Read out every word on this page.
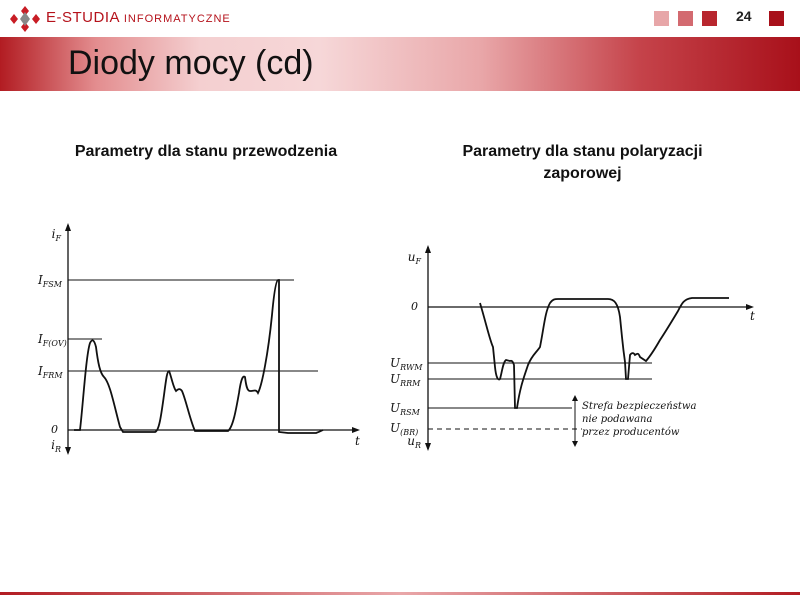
E-STUDIA INFORMATYCZNE	24
Diody mocy (cd)
Parametry dla stanu przewodzenia	Parametry dla stanu polaryzacji
zaporowej
$i_F$
$i_R$
0
t
$I_{FSM}$
$I_{F(OV)}$
$I_{FRM}$
$u_F$
$u_R$
0
t
$U_{RWM}$
$U_{RRM}$
$U_{RSM}$
$U_{(BR)}$
Strefa bezpieczeństwa
nie podawana
przez producentów
